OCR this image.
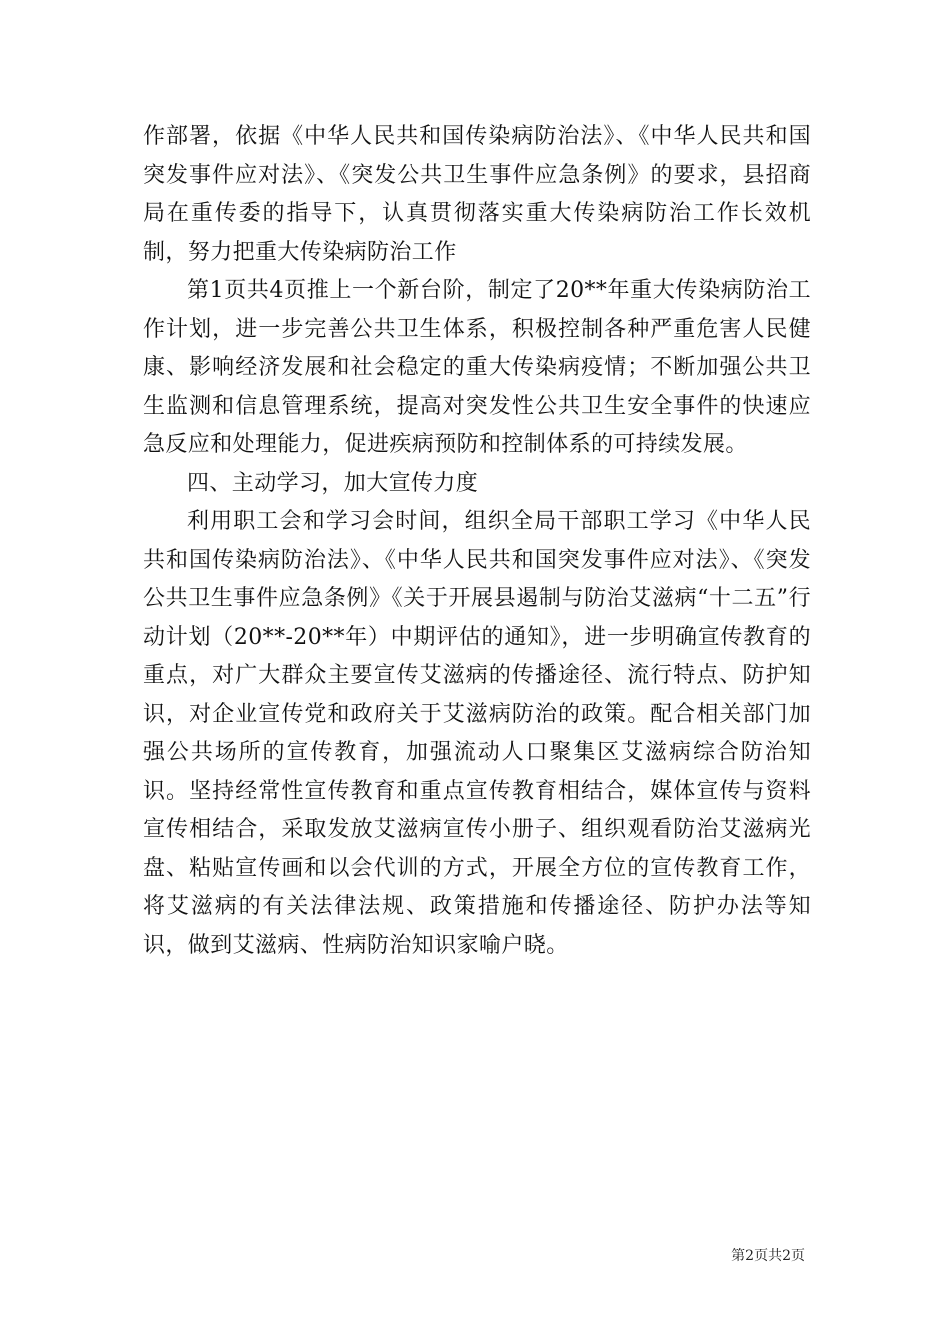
作部署，依据《中华人民共和国传染病防治法》、《中华人民共和国突发事件应对法》、《突发公共卫生事件应急条例》的要求，县招商局在重传委的指导下，认真贯彻落实重大传染病防治工作长效机制，努力把重大传染病防治工作

第1页共4页推上一个新台阶，制定了20**年重大传染病防治工作计划，进一步完善公共卫生体系，积极控制各种严重危害人民健康、影响经济发展和社会稳定的重大传染病疫情；不断加强公共卫生监测和信息管理系统，提高对突发性公共卫生安全事件的快速应急反应和处理能力，促进疾病预防和控制体系的可持续发展。

四、主动学习，加大宣传力度

利用职工会和学习会时间，组织全局干部职工学习《中华人民共和国传染病防治法》、《中华人民共和国突发事件应对法》、《突发公共卫生事件应急条例》《关于开展县遏制与防治艾滋病“十二五”行动计划（20**-20**年）中期评估的通知》，进一步明确宣传教育的重点，对广大群众主要宣传艾滋病的传播途径、流行特点、防护知识，对企业宣传党和政府关于艾滋病防治的政策。配合相关部门加强公共场所的宣传教育，加强流动人口聚集区艾滋病综合防治知识。坚持经常性宣传教育和重点宣传教育相结合，媒体宣传与资料宣传相结合，采取发放艾滋病宣传小册子、组织观看防治艾滋病光盘、粘贴宣传画和以会代训的方式，开展全方位的宣传教育工作，将艾滋病的有关法律法规、政策措施和传播途径、防护办法等知识，做到艾滋病、性病防治知识家喻户晓。

第2页共2页
